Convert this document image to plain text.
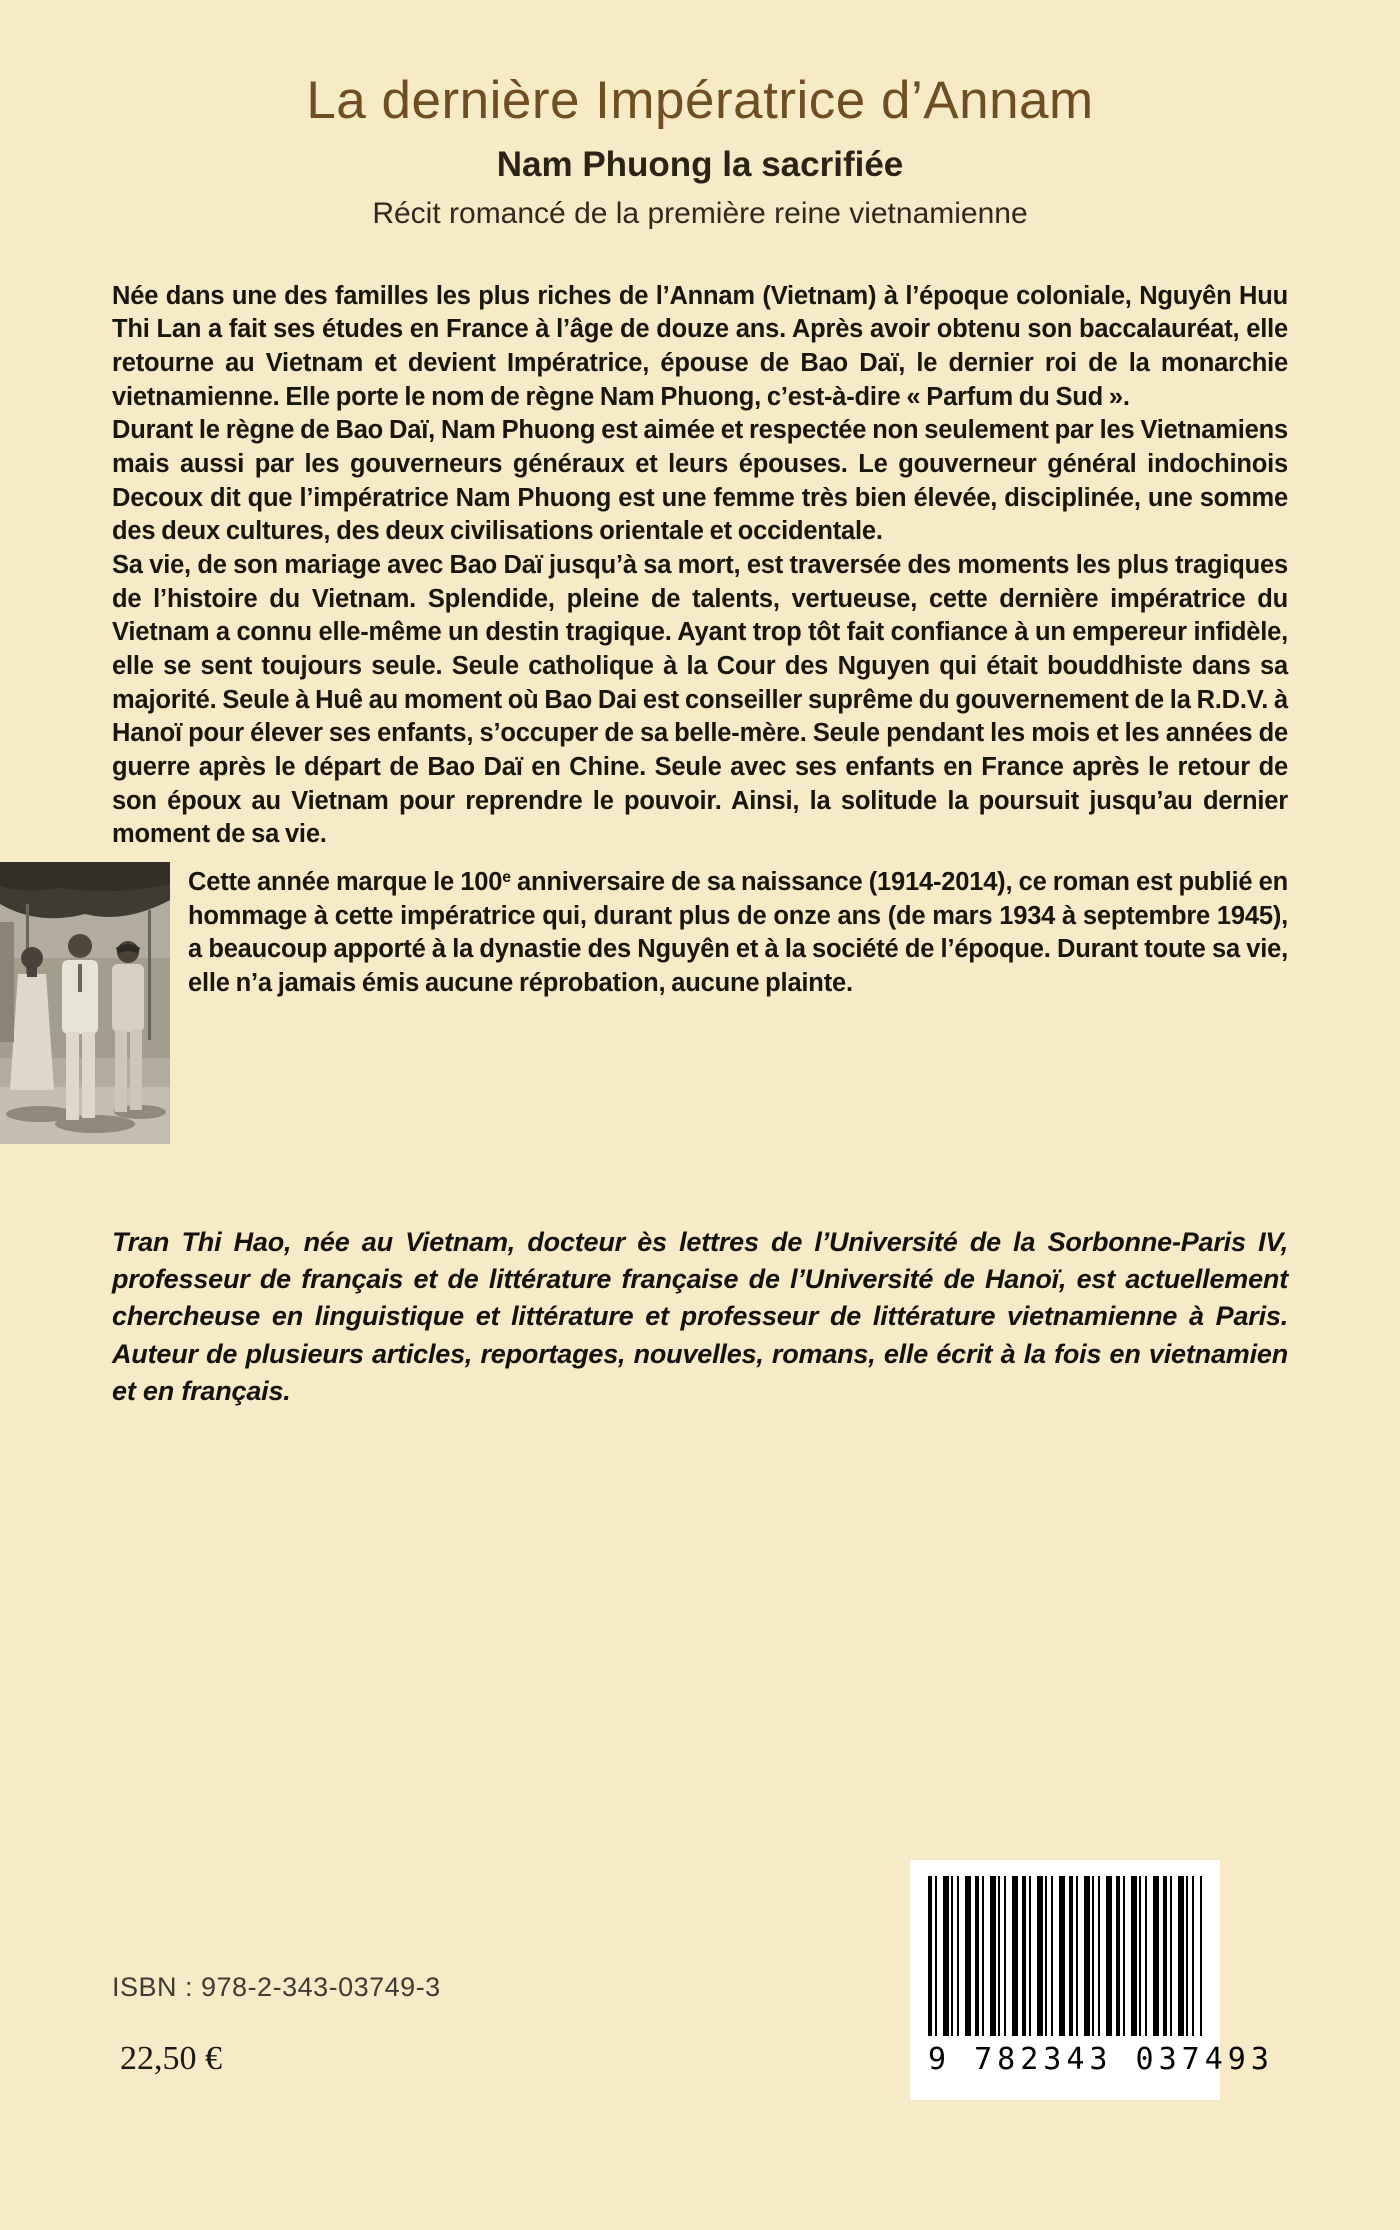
La dernière Impératrice d’Annam
Nam Phuong la sacrifiée
Récit romancé de la première reine vietnamienne

Née dans une des familles les plus riches de l’Annam (Vietnam) à l’époque coloniale, Nguyên Huu Thi Lan a fait ses études en France à l’âge de douze ans. Après avoir obtenu son baccalauréat, elle retourne au Vietnam et devient Impératrice, épouse de Bao Daï, le dernier roi de la monarchie vietnamienne. Elle porte le nom de règne Nam Phuong, c’est-à-dire « Parfum du Sud ».

Durant le règne de Bao Daï, Nam Phuong est aimée et respectée non seulement par les Vietnamiens mais aussi par les gouverneurs généraux et leurs épouses. Le gouverneur général indochinois Decoux dit que l’impératrice Nam Phuong est une femme très bien élevée, disciplinée, une somme des deux cultures, des deux civilisations orientale et occidentale.

Sa vie, de son mariage avec Bao Daï jusqu’à sa mort, est traversée des moments les plus tragiques de l’histoire du Vietnam. Splendide, pleine de talents, vertueuse, cette dernière impératrice du Vietnam a connu elle-même un destin tragique. Ayant trop tôt fait confiance à un empereur infidèle, elle se sent toujours seule. Seule catholique à la Cour des Nguyen qui était bouddhiste dans sa majorité. Seule à Huê au moment où Bao Dai est conseiller suprême du gouvernement de la R.D.V. à Hanoï pour élever ses enfants, s’occuper de sa belle-mère. Seule pendant les mois et les années de guerre après le départ de Bao Daï en Chine. Seule avec ses enfants en France après le retour de son époux au Vietnam pour reprendre le pouvoir. Ainsi, la solitude la poursuit jusqu’au dernier moment de sa vie.

Cette année marque le 100e anniversaire de sa naissance (1914-2014), ce roman est publié en hommage à cette impératrice qui, durant plus de onze ans (de mars 1934 à septembre 1945), a beaucoup apporté à la dynastie des Nguyên et à la société de l’époque. Durant toute sa vie, elle n’a jamais émis aucune réprobation, aucune plainte.

Tran Thi Hao, née au Vietnam, docteur ès lettres de l’Université de la Sorbonne-Paris IV, professeur de français et de littérature française de l’Université de Hanoï, est actuellement chercheuse en linguistique et littérature et professeur de littérature vietnamienne à Paris. Auteur de plusieurs articles, reportages, nouvelles, romans, elle écrit à la fois en vietnamien et en français.

ISBN : 978-2-343-03749-3
22,50 €	9 782343 037493
